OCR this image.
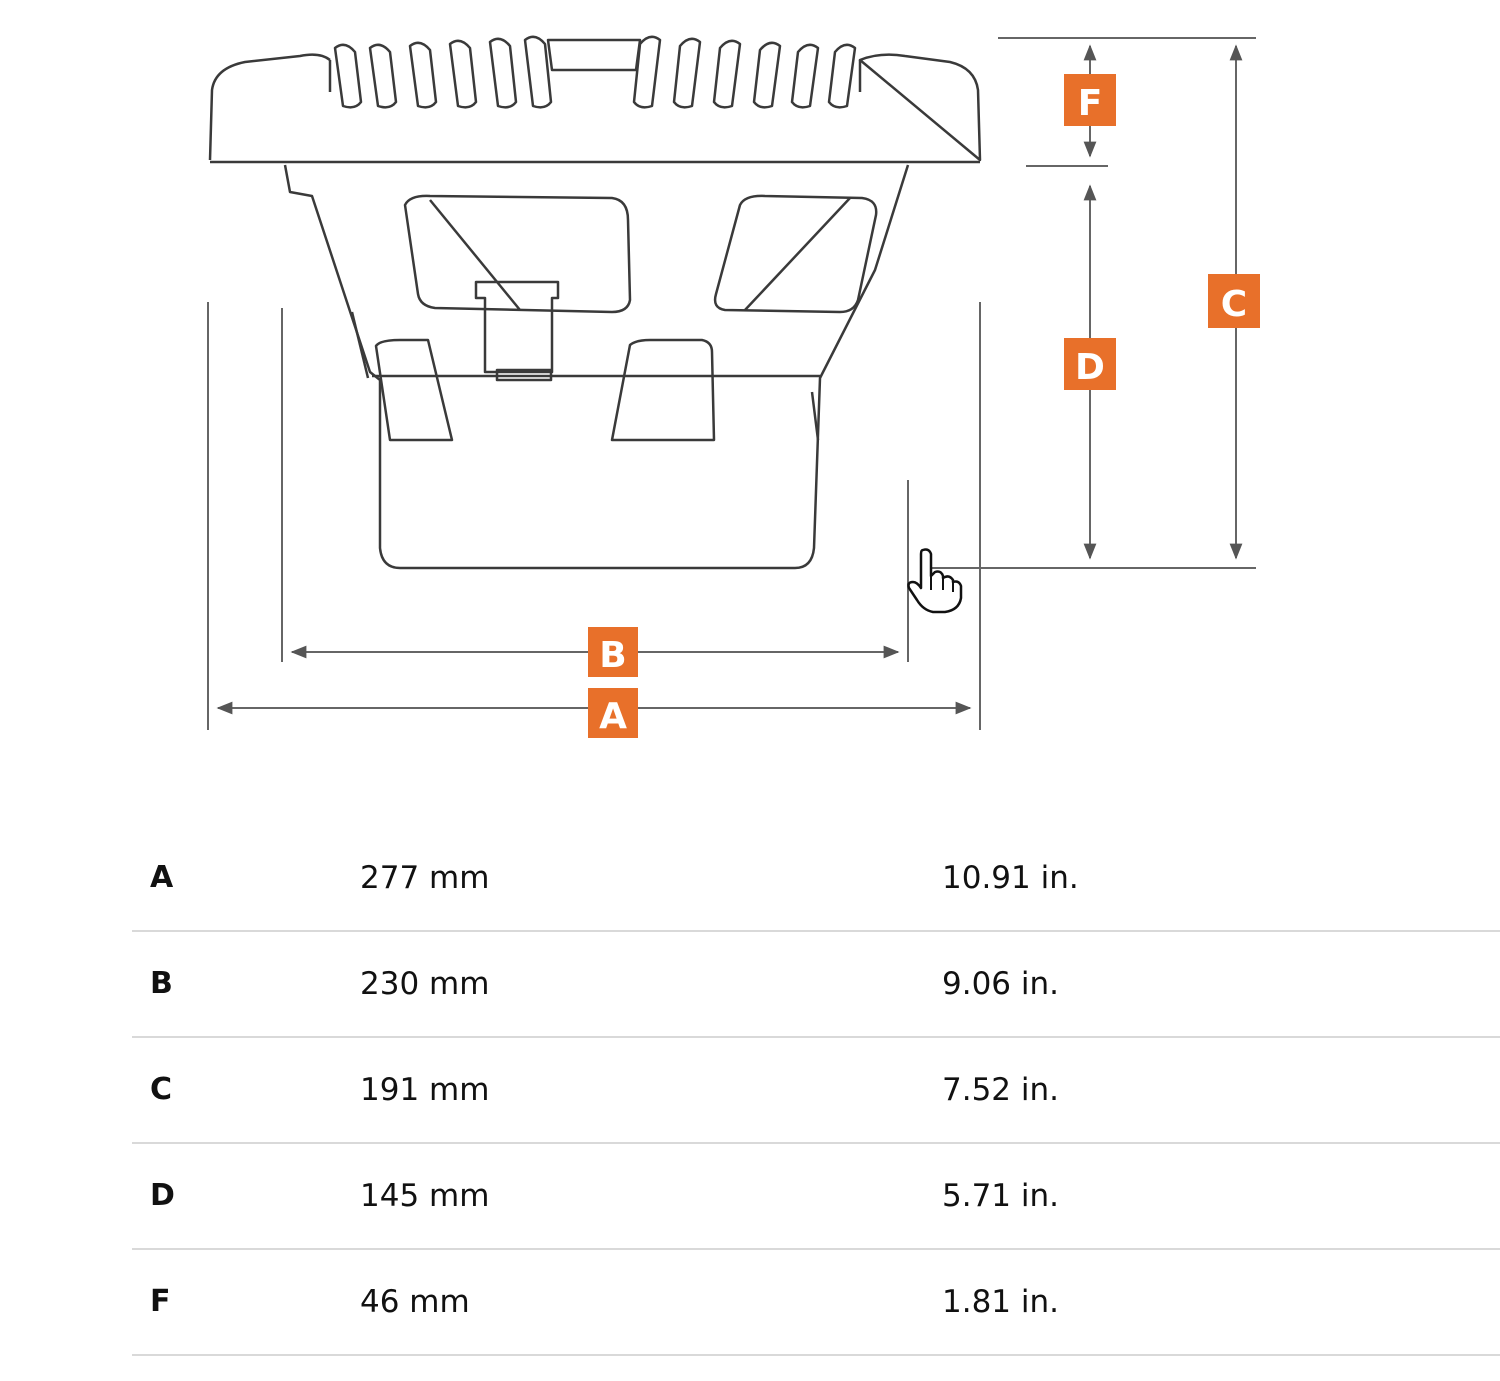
A
B
C
D
F
A	277 mm	10.91 in.
B	230 mm	9.06 in.
C	191 mm	7.52 in.
D	145 mm	5.71 in.
F	46 mm	1.81 in.
